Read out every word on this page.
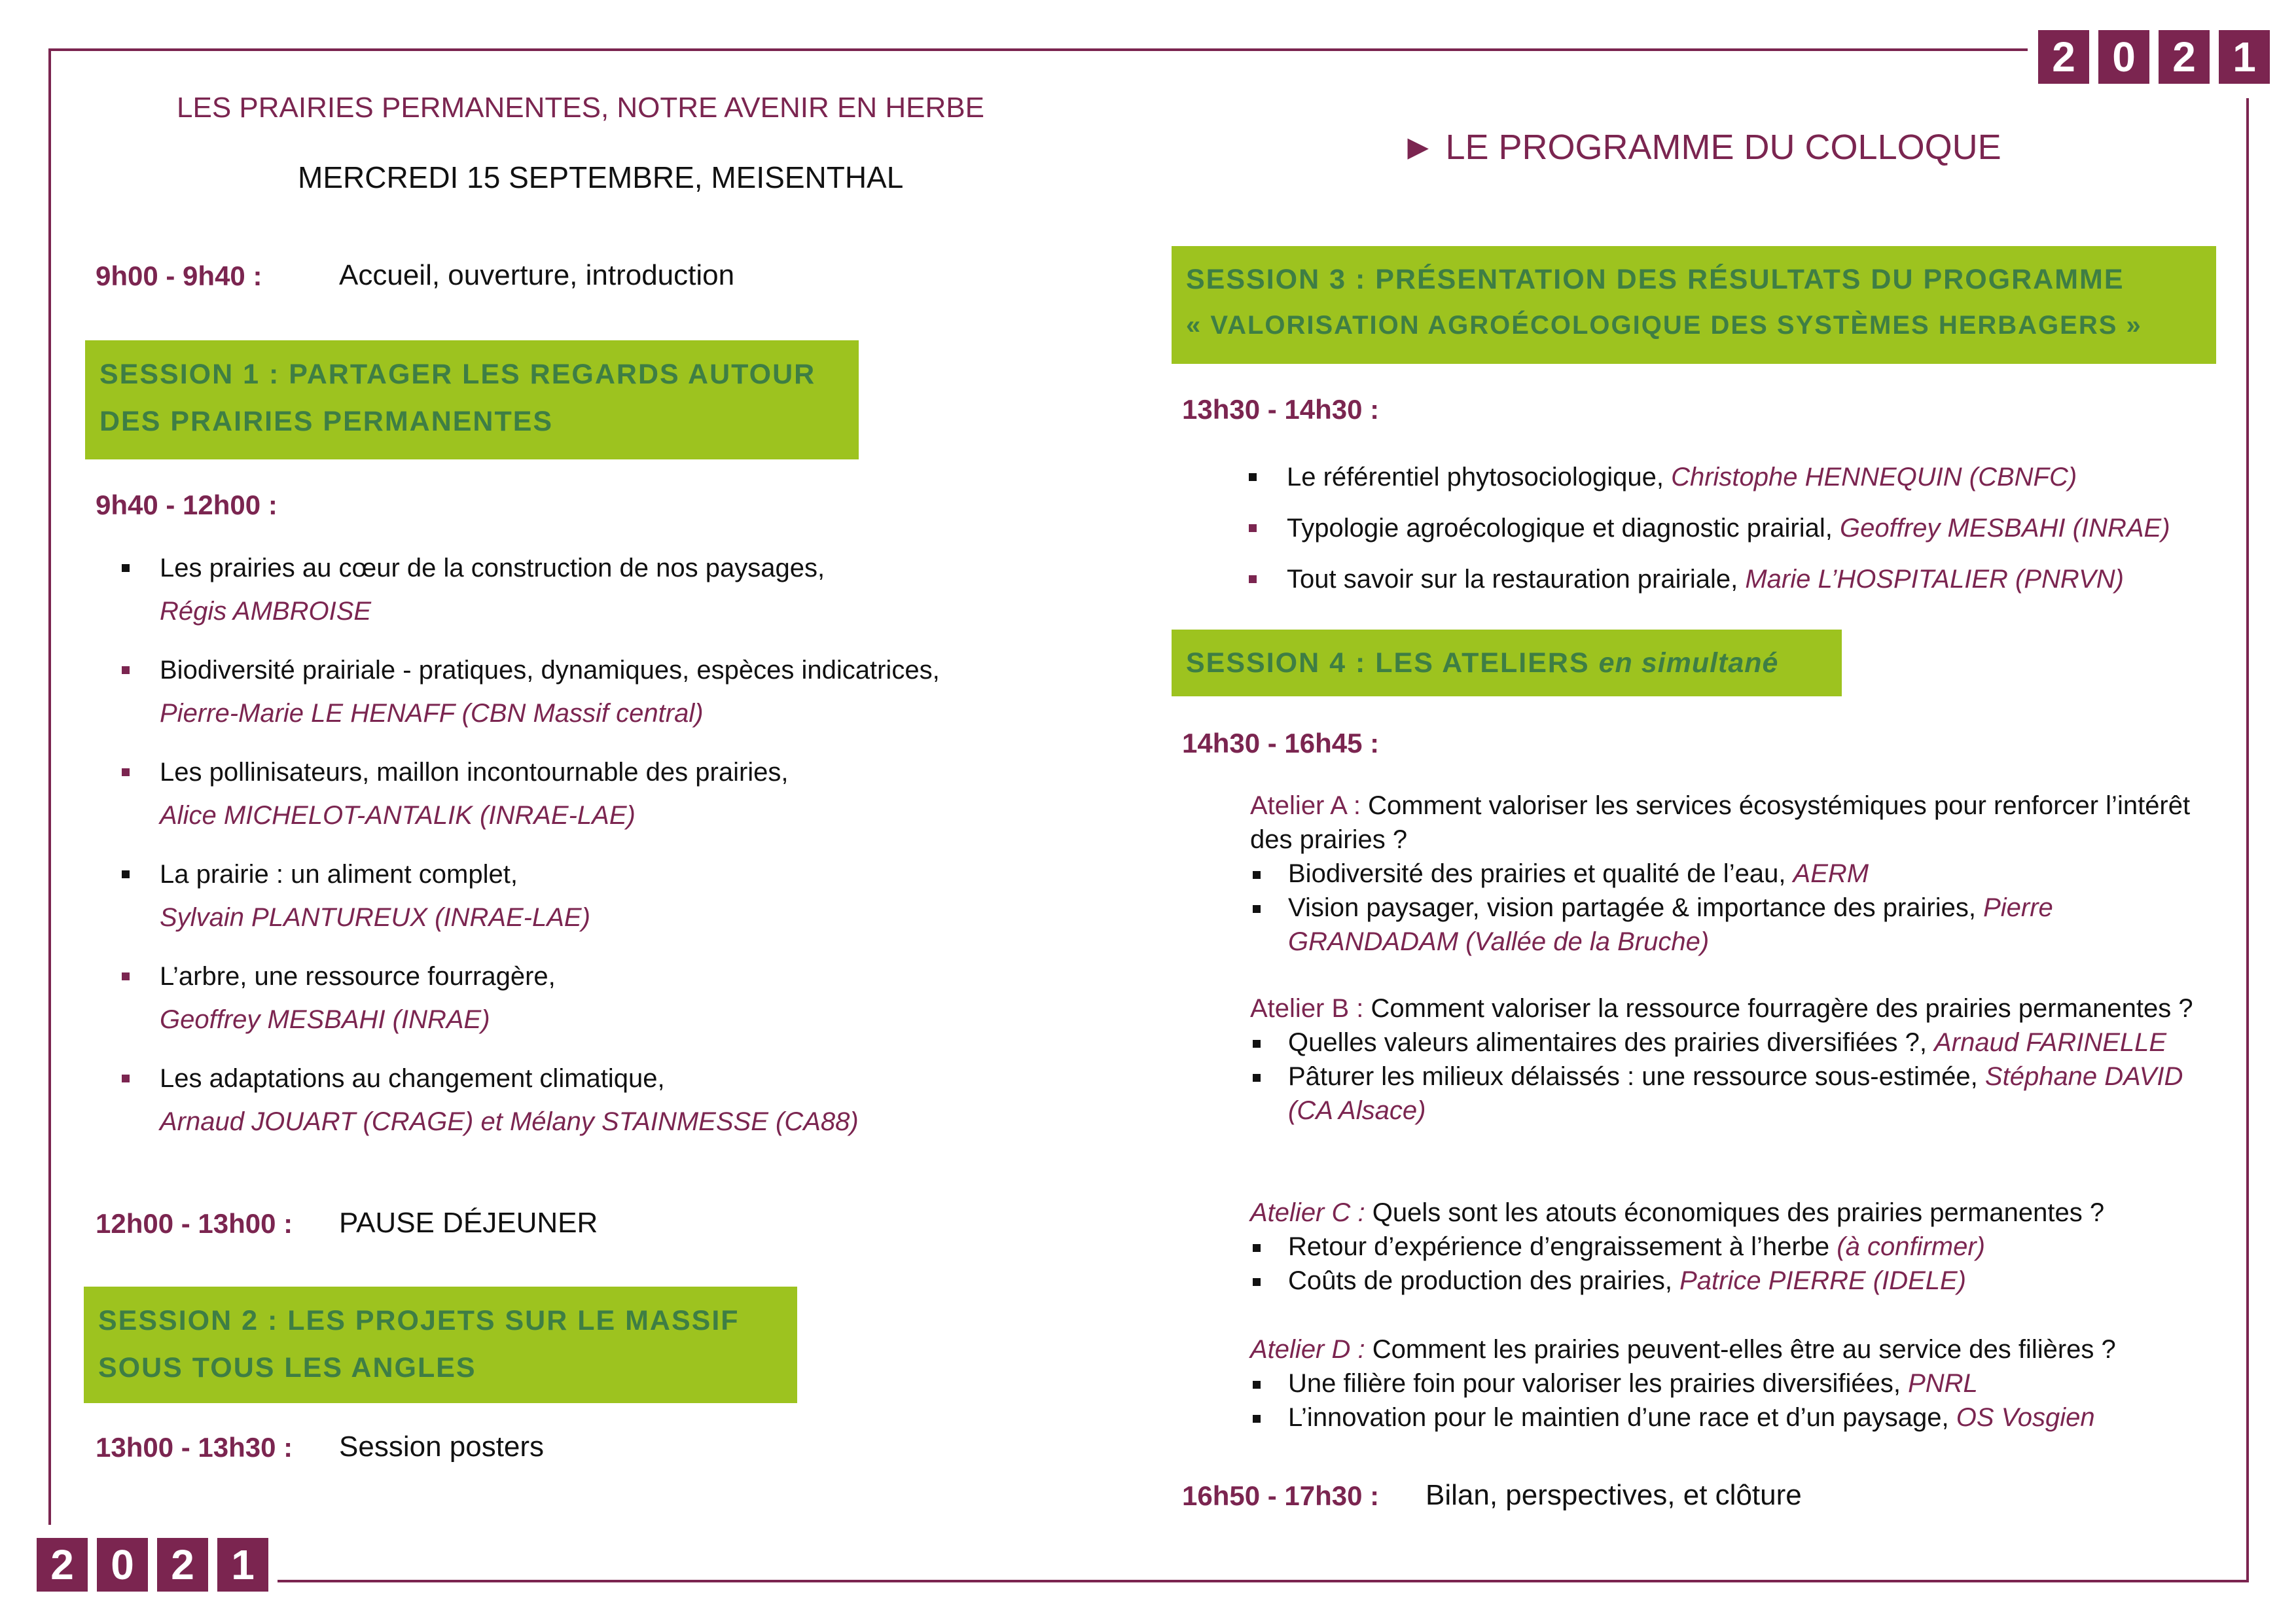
2 0 2 1
2 0 2 1
LES PRAIRIES PERMANENTES, NOTRE AVENIR EN HERBE
MERCREDI 15 SEPTEMBRE, MEISENTHAL
► LE PROGRAMME DU COLLOQUE
9h00 - 9h40 :	Accueil, ouverture, introduction
SESSION 1 : PARTAGER LES REGARDS AUTOUR
DES PRAIRIES PERMANENTES
9h40 - 12h00 :
Les prairies au cœur de la construction de nos paysages,
Régis AMBROISE
Biodiversité prairiale - pratiques, dynamiques, espèces indicatrices,
Pierre-Marie LE HENAFF (CBN Massif central)
Les pollinisateurs, maillon incontournable des prairies,
Alice MICHELOT-ANTALIK (INRAE-LAE)
La prairie : un aliment complet,
Sylvain PLANTUREUX (INRAE-LAE)
L’arbre, une ressource fourragère,
Geoffrey MESBAHI (INRAE)
Les adaptations au changement climatique,
Arnaud JOUART (CRAGE) et Mélany STAINMESSE (CA88)
12h00 - 13h00 : PAUSE DÉJEUNER
SESSION 2 : LES PROJETS SUR LE MASSIF
SOUS TOUS LES ANGLES
13h00 - 13h30 : Session posters
SESSION 3 : PRÉSENTATION DES RÉSULTATS DU PROGRAMME
« VALORISATION AGROÉCOLOGIQUE DES SYSTÈMES HERBAGERS »
13h30 - 14h30 :
Le référentiel phytosociologique, Christophe HENNEQUIN (CBNFC)
Typologie agroécologique et diagnostic prairial, Geoffrey MESBAHI (INRAE)
Tout savoir sur la restauration prairiale, Marie L’HOSPITALIER (PNRVN)
SESSION 4 : LES ATELIERS en simultané
14h30 - 16h45 :
Atelier A : Comment valoriser les services écosystémiques pour renforcer l’intérêt des prairies ?
Biodiversité des prairies et qualité de l’eau, AERM
Vision paysager, vision partagée & importance des prairies, Pierre GRANDADAM (Vallée de la Bruche)
Atelier B : Comment valoriser la ressource fourragère des prairies permanentes ?
Quelles valeurs alimentaires des prairies diversifiées ?, Arnaud FARINELLE
Pâturer les milieux délaissés : une ressource sous-estimée, Stéphane DAVID (CA Alsace)
Atelier C : Quels sont les atouts économiques des prairies permanentes ?
Retour d’expérience d’engraissement à l’herbe (à confirmer)
Coûts de production des prairies, Patrice PIERRE (IDELE)
Atelier D : Comment les prairies peuvent-elles être au service des filières ?
Une filière foin pour valoriser les prairies diversifiées, PNRL
L’innovation pour le maintien d’une race et d’un paysage, OS Vosgien
16h50 - 17h30 : Bilan, perspectives, et clôture
